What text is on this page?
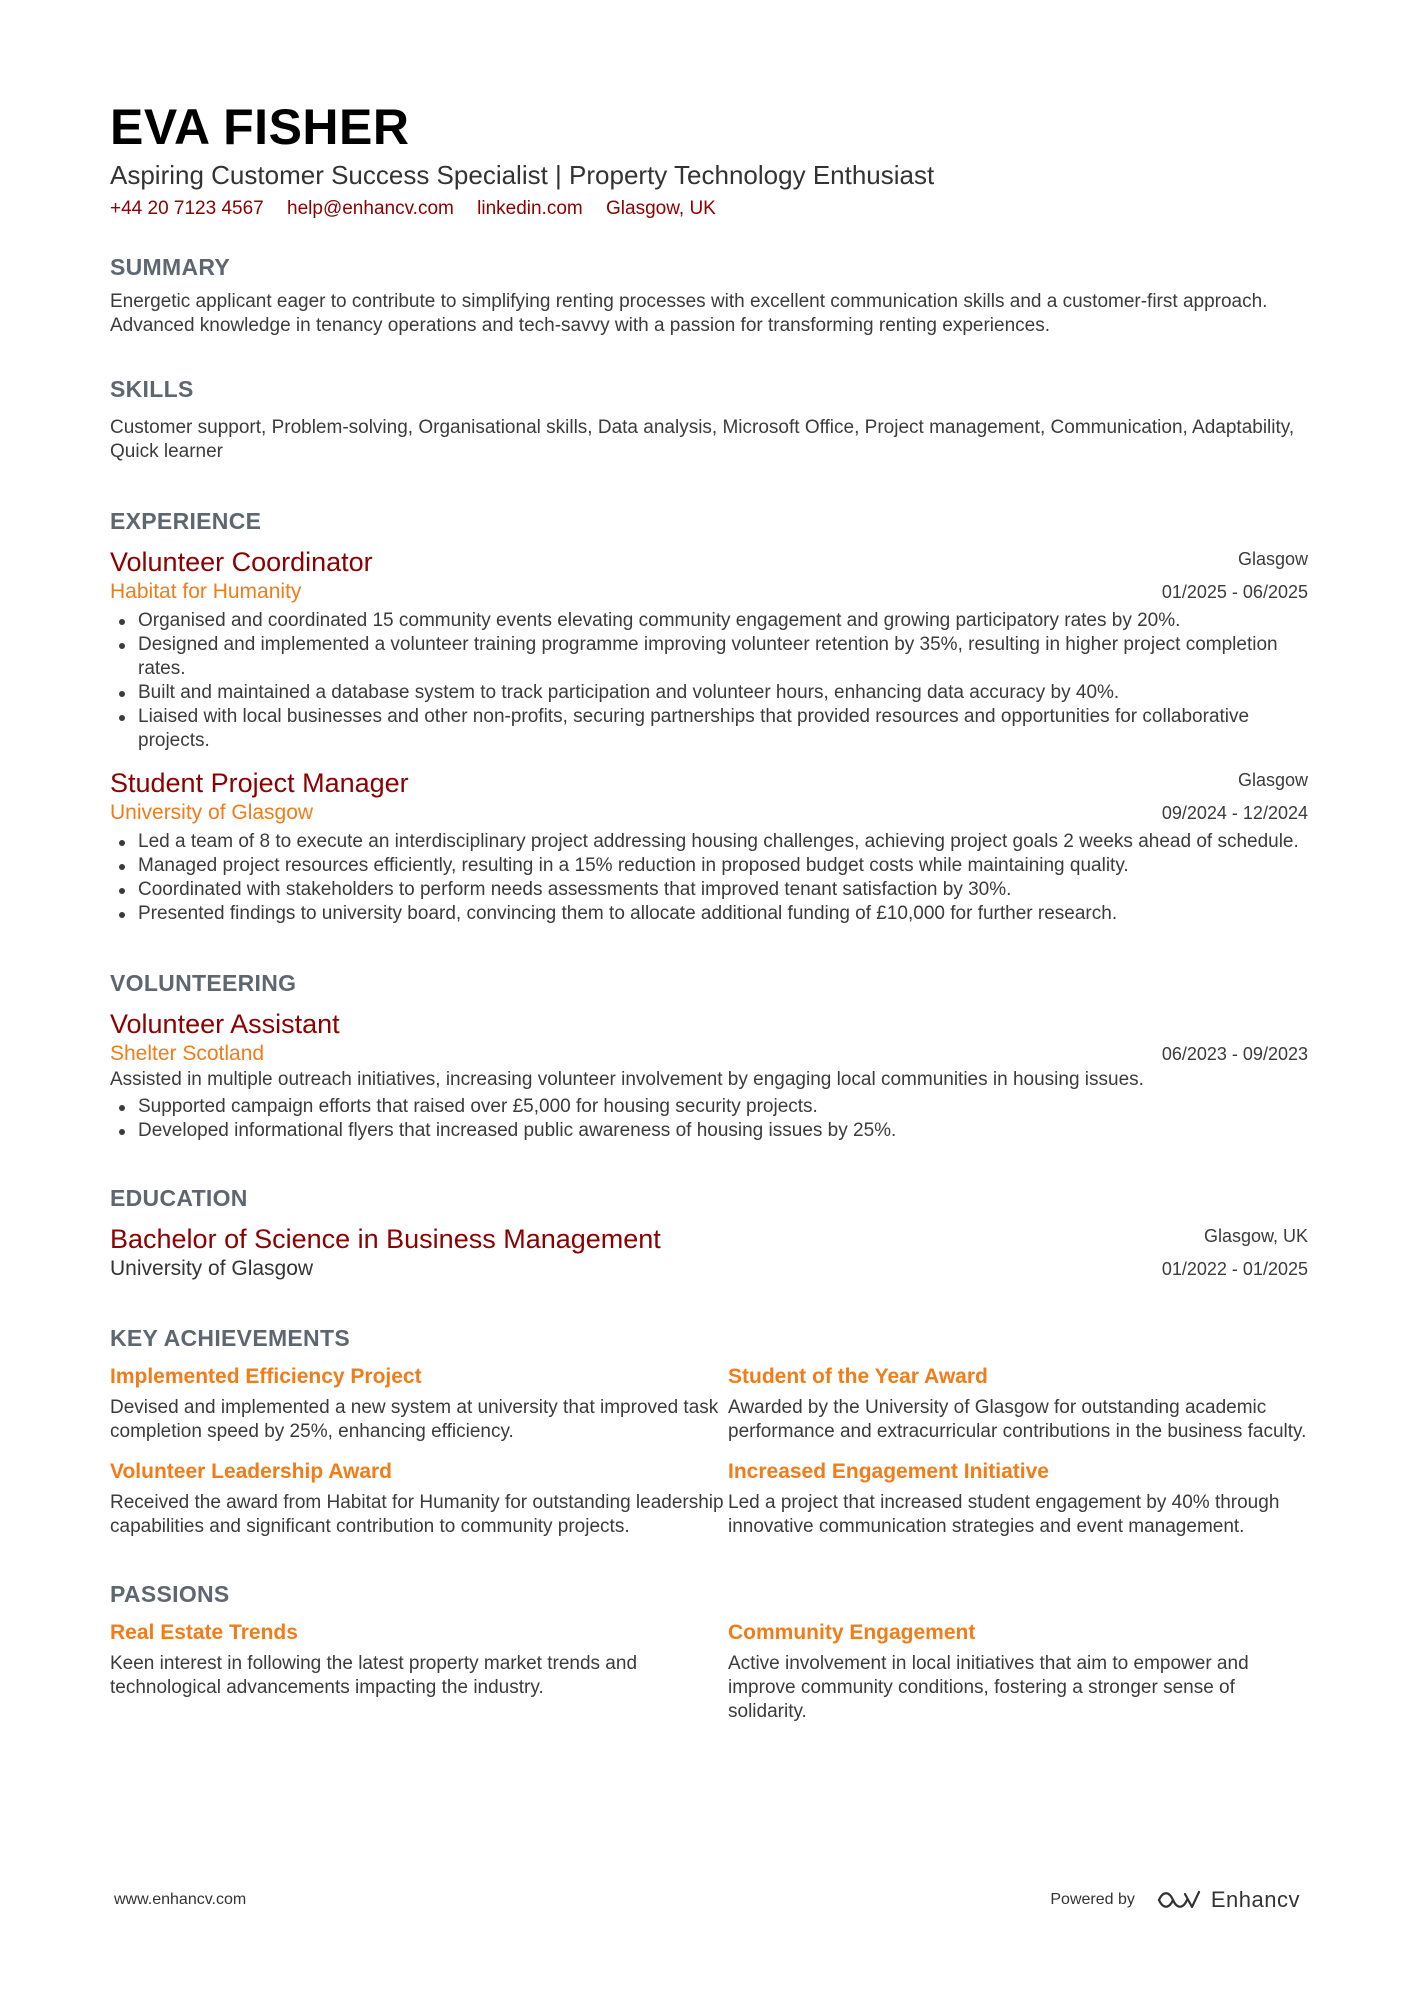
EVA FISHER
Aspiring Customer Success Specialist | Property Technology Enthusiast
+44 20 7123 4567 help@enhancv.com linkedin.com Glasgow, UK
SUMMARY
Energetic applicant eager to contribute to simplifying renting processes with excellent communication skills and a customer-first approach. Advanced knowledge in tenancy operations and tech-savvy with a passion for transforming renting experiences.
SKILLS
Customer support, Problem-solving, Organisational skills, Data analysis, Microsoft Office, Project management, Communication, Adaptability, Quick learner
EXPERIENCE
Volunteer Coordinator	Glasgow
Habitat for Humanity	01/2025 - 06/2025
Organised and coordinated 15 community events elevating community engagement and growing participatory rates by 20%.
Designed and implemented a volunteer training programme improving volunteer retention by 35%, resulting in higher project completion rates.
Built and maintained a database system to track participation and volunteer hours, enhancing data accuracy by 40%.
Liaised with local businesses and other non-profits, securing partnerships that provided resources and opportunities for collaborative projects.
Student Project Manager	Glasgow
University of Glasgow	09/2024 - 12/2024
Led a team of 8 to execute an interdisciplinary project addressing housing challenges, achieving project goals 2 weeks ahead of schedule.
Managed project resources efficiently, resulting in a 15% reduction in proposed budget costs while maintaining quality.
Coordinated with stakeholders to perform needs assessments that improved tenant satisfaction by 30%.
Presented findings to university board, convincing them to allocate additional funding of £10,000 for further research.
VOLUNTEERING
Volunteer Assistant
Shelter Scotland	06/2023 - 09/2023
Assisted in multiple outreach initiatives, increasing volunteer involvement by engaging local communities in housing issues.
Supported campaign efforts that raised over £5,000 for housing security projects.
Developed informational flyers that increased public awareness of housing issues by 25%.
EDUCATION
Bachelor of Science in Business Management	Glasgow, UK
University of Glasgow	01/2022 - 01/2025
KEY ACHIEVEMENTS
Implemented Efficiency Project
Devised and implemented a new system at university that improved task completion speed by 25%, enhancing efficiency.
Student of the Year Award
Awarded by the University of Glasgow for outstanding academic performance and extracurricular contributions in the business faculty.
Volunteer Leadership Award
Received the award from Habitat for Humanity for outstanding leadership capabilities and significant contribution to community projects.
Increased Engagement Initiative
Led a project that increased student engagement by 40% through innovative communication strategies and event management.
PASSIONS
Real Estate Trends
Keen interest in following the latest property market trends and technological advancements impacting the industry.
Community Engagement
Active involvement in local initiatives that aim to empower and improve community conditions, fostering a stronger sense of solidarity.
www.enhancv.com	Powered by	Enhancv
